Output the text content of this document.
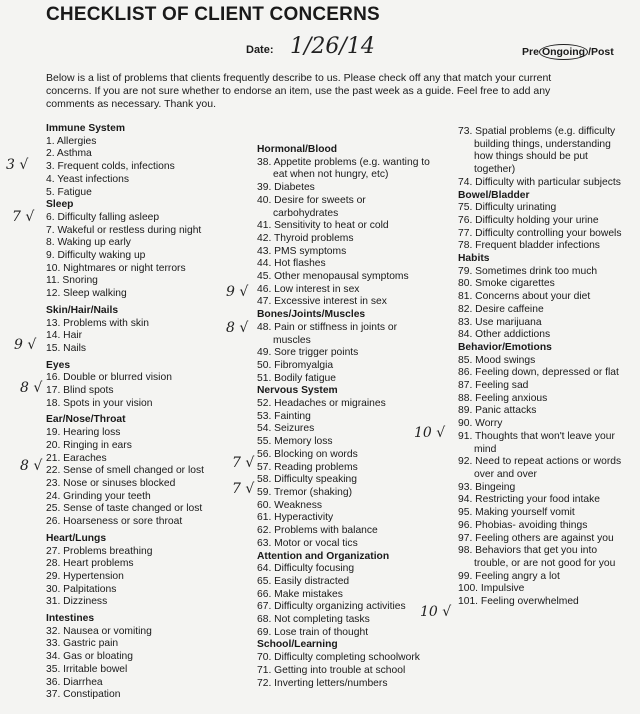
CHECKLIST OF CLIENT CONCERNS
Date: 1/26/14	Pre Ongoing /Post
Below is a list of problems that clients frequently describe to us. Please check off any that match your current concerns. If you are not sure whether to endorse an item, use the past week as a guide. Feel free to add any comments as necessary. Thank you.
Immune System
1. Allergies
2. Asthma
3. Frequent colds, infections
4. Yeast infections
5. Fatigue
Sleep
6. Difficulty falling asleep
7. Wakeful or restless during night
8. Waking up early
9. Difficulty waking up
10. Nightmares or night terrors
11. Snoring
12. Sleep walking
Skin/Hair/Nails
13. Problems with skin
14. Hair
15. Nails
Eyes
16. Double or blurred vision
17. Blind spots
18. Spots in your vision
Ear/Nose/Throat
19. Hearing loss
20. Ringing in ears
21. Earaches
22. Sense of smell changed or lost
23. Nose or sinuses blocked
24. Grinding your teeth
25. Sense of taste changed or lost
26. Hoarseness or sore throat
Heart/Lungs
27. Problems breathing
28. Heart problems
29. Hypertension
30. Palpitations
31. Dizziness
Intestines
32. Nausea or vomiting
33. Gastric pain
34. Gas or bloating
35. Irritable bowel
36. Diarrhea
37. Constipation
Hormonal/Blood
38. Appetite problems (e.g. wanting to
eat when not hungry, etc)
39. Diabetes
40. Desire for sweets or
carbohydrates
41. Sensitivity to heat or cold
42. Thyroid problems
43. PMS symptoms
44. Hot flashes
45. Other menopausal symptoms
46. Low interest in sex
47. Excessive interest in sex
Bones/Joints/Muscles
48. Pain or stiffness in joints or
muscles
49. Sore trigger points
50. Fibromyalgia
51. Bodily fatigue
Nervous System
52. Headaches or migraines
53. Fainting
54. Seizures
55. Memory loss
56. Blocking on words
57. Reading problems
58. Difficulty speaking
59. Tremor (shaking)
60. Weakness
61. Hyperactivity
62. Problems with balance
63. Motor or vocal tics
Attention and Organization
64. Difficulty focusing
65. Easily distracted
66. Make mistakes
67. Difficulty organizing activities
68. Not completing tasks
69. Lose train of thought
School/Learning
70. Difficulty completing schoolwork
71. Getting into trouble at school
72. Inverting letters/numbers
73. Spatial problems (e.g. difficulty
building things, understanding
how things should be put
together)
74. Difficulty with particular subjects
Bowel/Bladder
75. Difficulty urinating
76. Difficulty holding your urine
77. Difficulty controlling your bowels
78. Frequent bladder infections
Habits
79. Sometimes drink too much
80. Smoke cigarettes
81. Concerns about your diet
82. Desire caffeine
83. Use marijuana
84. Other addictions
Behavior/Emotions
85. Mood swings
86. Feeling down, depressed or flat
87. Feeling sad
88. Feeling anxious
89. Panic attacks
90. Worry
91. Thoughts that won't leave your
mind
92. Need to repeat actions or words
over and over
93. Bingeing
94. Restricting your food intake
95. Making yourself vomit
96. Phobias- avoiding things
97. Feeling others are against you
98. Behaviors that get you into
trouble, or are not good for you
99. Feeling angry a lot
100. Impulsive
101. Feeling overwhelmed
3 √
7 √
9 √
8 √
8 √
9 √
8 √
7 √
7 √
10 √
10 √
